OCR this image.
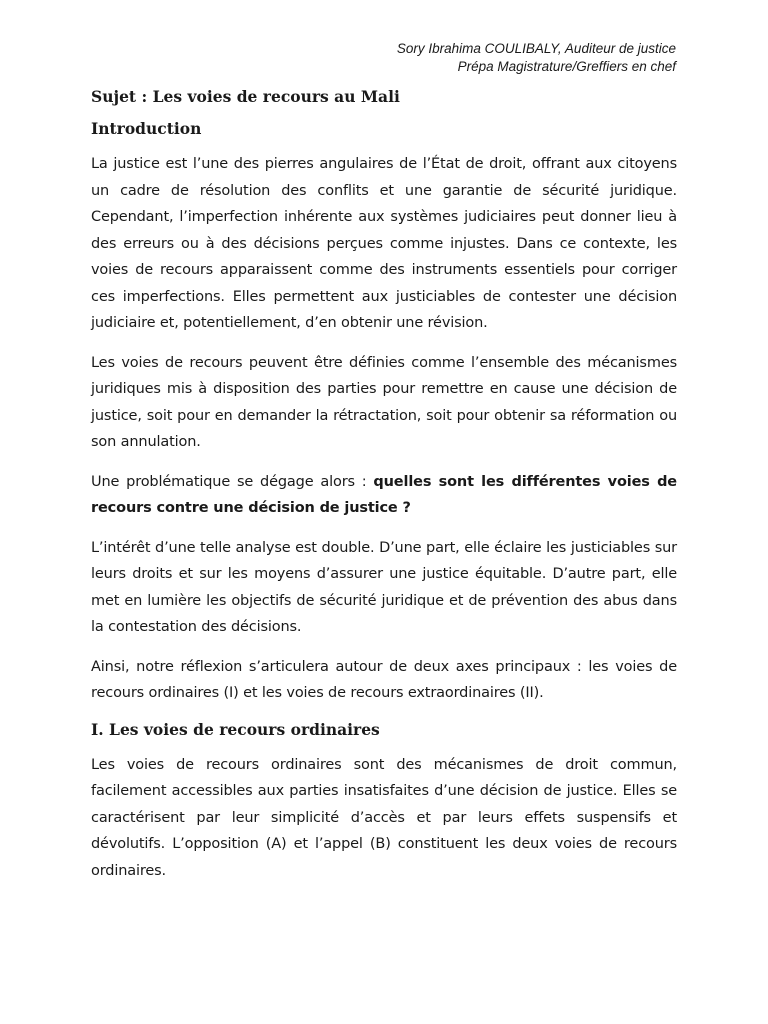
Sory Ibrahima COULIBALY, Auditeur de justice
Prépa Magistrature/Greffiers en chef
Sujet : Les voies de recours au Mali
Introduction

La justice est l’une des pierres angulaires de l’État de droit, offrant aux citoyens un cadre de résolution des conflits et une garantie de sécurité juridique. Cependant, l’imperfection inhérente aux systèmes judiciaires peut donner lieu à des erreurs ou à des décisions perçues comme injustes. Dans ce contexte, les voies de recours apparaissent comme des instruments essentiels pour corriger ces imperfections. Elles permettent aux justiciables de contester une décision judiciaire et, potentiellement, d’en obtenir une révision.

Les voies de recours peuvent être définies comme l’ensemble des mécanismes juridiques mis à disposition des parties pour remettre en cause une décision de justice, soit pour en demander la rétractation, soit pour obtenir sa réformation ou son annulation.

Une problématique se dégage alors : quelles sont les différentes voies de recours contre une décision de justice ?

L’intérêt d’une telle analyse est double. D’une part, elle éclaire les justiciables sur leurs droits et sur les moyens d’assurer une justice équitable. D’autre part, elle met en lumière les objectifs de sécurité juridique et de prévention des abus dans la contestation des décisions.

Ainsi, notre réflexion s’articulera autour de deux axes principaux : les voies de recours ordinaires (I) et les voies de recours extraordinaires (II).

I. Les voies de recours ordinaires

Les voies de recours ordinaires sont des mécanismes de droit commun, facilement accessibles aux parties insatisfaites d’une décision de justice. Elles se caractérisent par leur simplicité d’accès et par leurs effets suspensifs et dévolutifs. L’opposition (A) et l’appel (B) constituent les deux voies de recours ordinaires.
